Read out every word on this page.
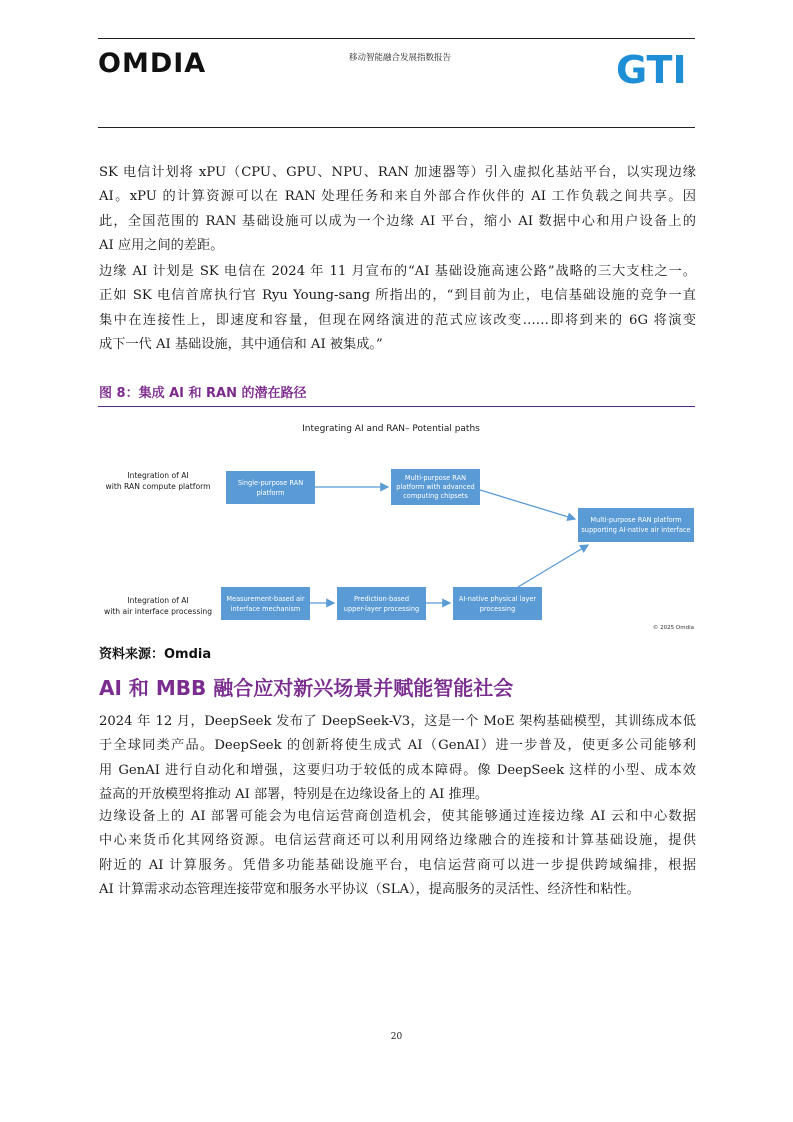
OMDIA	移动智能融合发展指数报告	GTI
SK 电信计划将 xPU（CPU、GPU、NPU、RAN 加速器等）引入虚拟化基站平台，以实现边缘
AI。xPU 的计算资源可以在 RAN 处理任务和来自外部合作伙伴的 AI 工作负载之间共享。因
此，全国范围的 RAN 基础设施可以成为一个边缘 AI 平台，缩小 AI 数据中心和用户设备上的
AI 应用之间的差距。
边缘 AI 计划是 SK 电信在 2024 年 11 月宣布的“AI 基础设施高速公路”战略的三大支柱之一。
正如 SK 电信首席执行官 Ryu Young-sang 所指出的，“到目前为止，电信基础设施的竞争一直
集中在连接性上，即速度和容量，但现在网络演进的范式应该改变……即将到来的 6G 将演变
成下一代 AI 基础设施，其中通信和 AI 被集成。”

图 8：集成 AI 和 RAN 的潜在路径

Integrating AI and RAN– Potential paths
Integration of AI
with RAN compute platform
Integration of AI
with air interface processing
Single-purpose RAN
platform
Multi-purpose RAN
platform with advanced
computing chipsets
Multi-purpose RAN platform
supporting AI-native air interface
Measurement-based air
interface mechanism
Prediction-based
upper-layer processing
AI-native physical layer
processing
© 2025 Omdia

资料来源：Omdia

AI 和 MBB 融合应对新兴场景并赋能智能社会
2024 年 12 月，DeepSeek 发布了 DeepSeek-V3，这是一个 MoE 架构基础模型，其训练成本低
于全球同类产品。DeepSeek 的创新将使生成式 AI（GenAI）进一步普及，使更多公司能够利
用 GenAI 进行自动化和增强，这要归功于较低的成本障碍。像 DeepSeek 这样的小型、成本效
益高的开放模型将推动 AI 部署，特别是在边缘设备上的 AI 推理。
边缘设备上的 AI 部署可能会为电信运营商创造机会，使其能够通过连接边缘 AI 云和中心数据
中心来货币化其网络资源。电信运营商还可以利用网络边缘融合的连接和计算基础设施，提供
附近的 AI 计算服务。凭借多功能基础设施平台，电信运营商可以进一步提供跨域编排，根据
AI 计算需求动态管理连接带宽和服务水平协议（SLA），提高服务的灵活性、经济性和粘性。
20
